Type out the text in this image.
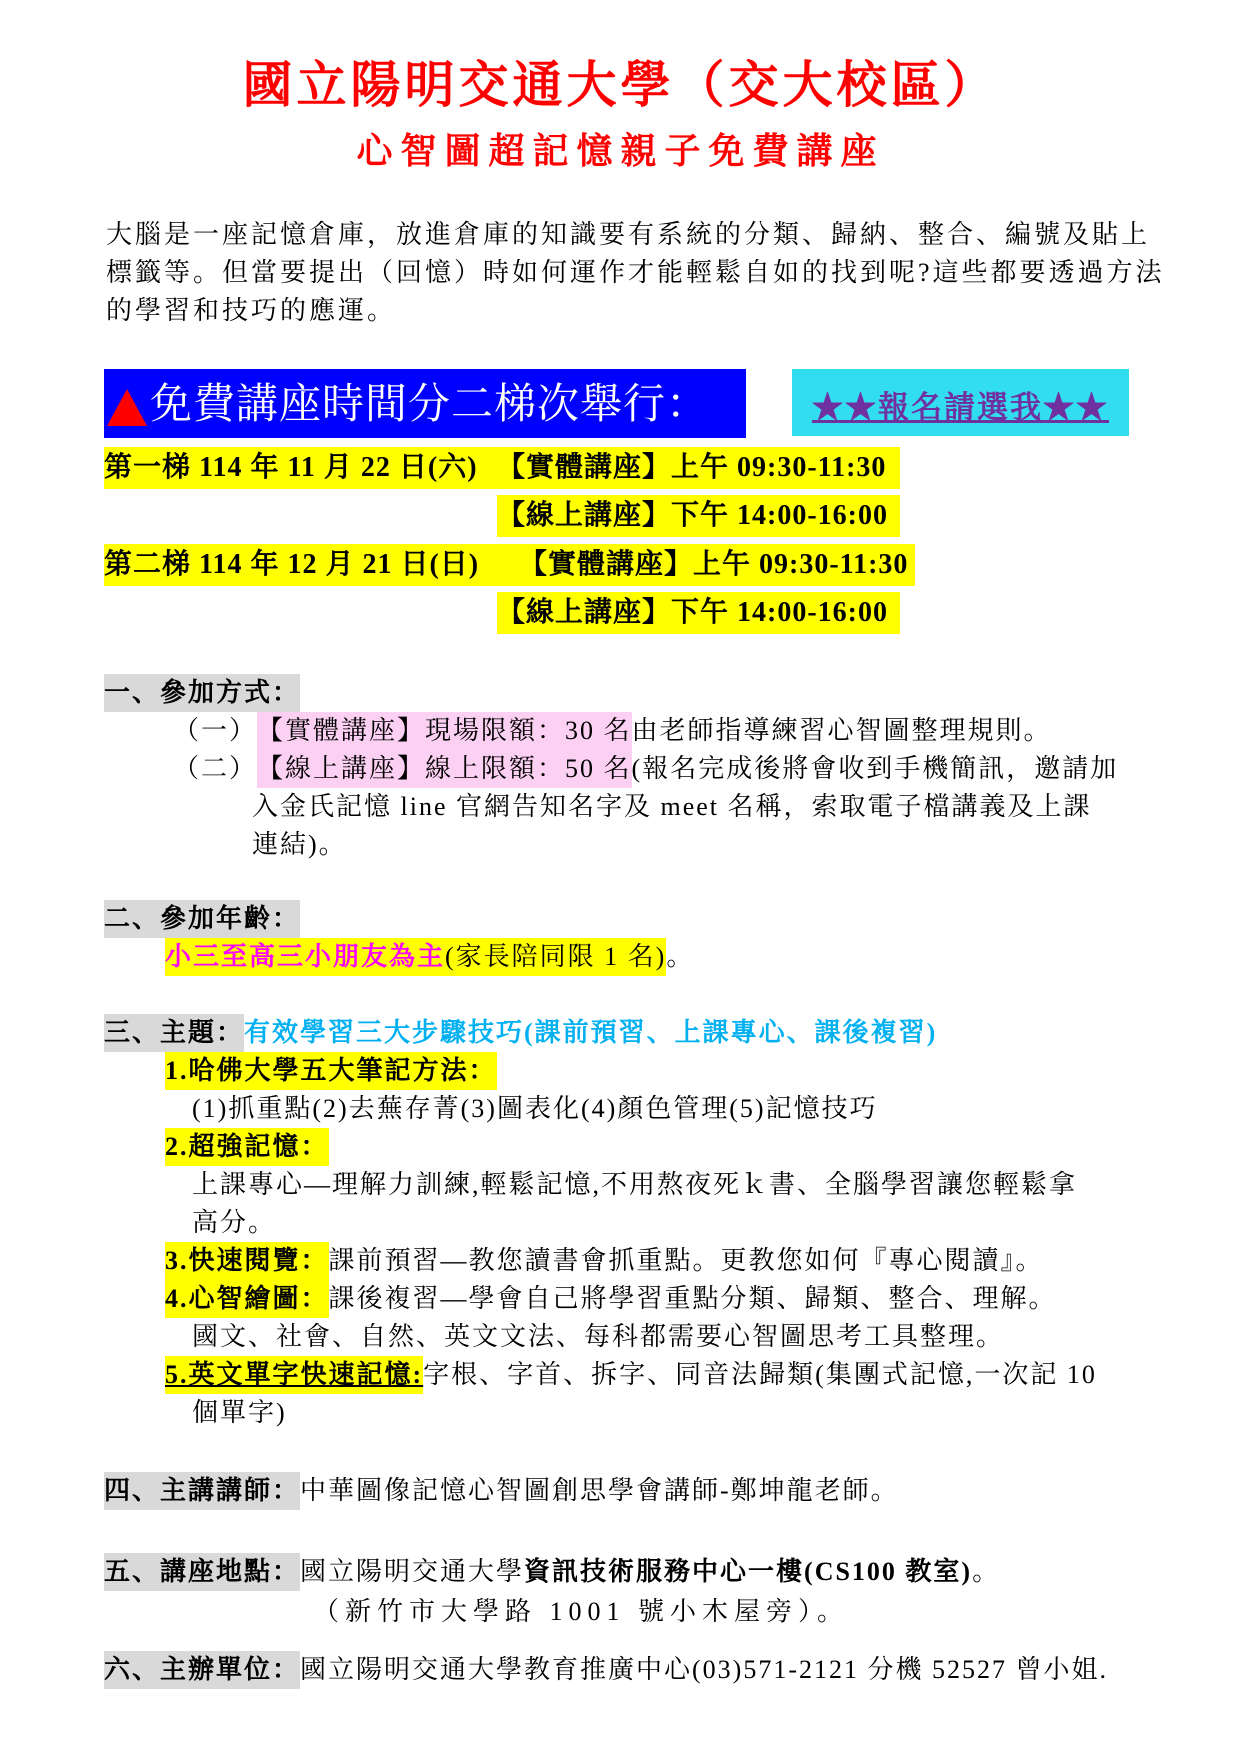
國立陽明交通大學（交大校區）
心智圖超記憶親子免費講座
大腦是一座記憶倉庫，放進倉庫的知識要有系統的分類、歸納、整合、編號及貼上
標籤等。但當要提出（回憶）時如何運作才能輕鬆自如的找到呢?這些都要透過方法
的學習和技巧的應運。
免費講座時間分二梯次舉行：	★★報名請選我★★
第一梯 114 年 11 月 22 日(六) 【實體講座】上午 09:30-11:30
【線上講座】下午 14:00-16:00
第二梯 114 年 12 月 21 日(日) 【實體講座】上午 09:30-11:30
【線上講座】下午 14:00-16:00
一、參加方式：
（一）【實體講座】現場限額：30 名由老師指導練習心智圖整理規則。
（二）【線上講座】線上限額：50 名(報名完成後將會收到手機簡訊，邀請加
入金氏記憶 line 官網告知名字及 meet 名稱，索取電子檔講義及上課
連結)。
二、參加年齡：
小三至高三小朋友為主(家長陪同限 1 名)。
三、主題：有效學習三大步驟技巧(課前預習、上課專心、課後複習)
1.哈佛大學五大筆記方法：
(1)抓重點(2)去蕪存菁(3)圖表化(4)顏色管理(5)記憶技巧
2.超強記憶：
上課專心—理解力訓練,輕鬆記憶,不用熬夜死ｋ書、全腦學習讓您輕鬆拿
高分。
3.快速閱覽：課前預習—教您讀書會抓重點。更教您如何『專心閱讀』。
4.心智繪圖：課後複習—學會自己將學習重點分類、歸類、整合、理解。
國文、社會、自然、英文文法、每科都需要心智圖思考工具整理。
5.英文單字快速記憶:字根、字首、拆字、同音法歸類(集團式記憶,一次記 10
個單字)
四、主講講師：中華圖像記憶心智圖創思學會講師-鄭坤龍老師。
五、講座地點：國立陽明交通大學資訊技術服務中心一樓(CS100 教室)。
（新竹市大學路 1001 號小木屋旁）。
六、主辦單位：國立陽明交通大學教育推廣中心(03)571-2121 分機 52527 曾小姐.
